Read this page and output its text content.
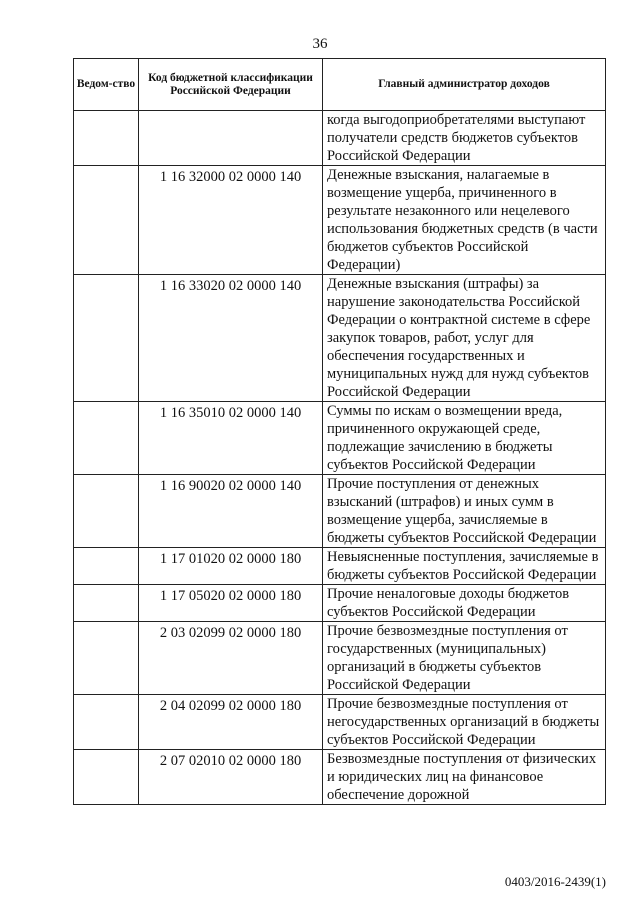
36
Ведом-ство	Код бюджетной классификации Российской Федерации	Главный администратор доходов
		когда выгодоприобретателями выступают получатели средств бюджетов субъектов Российской Федерации
	1 16 32000 02 0000 140	Денежные взыскания, налагаемые в возмещение ущерба, причиненного в результате незаконного или нецелевого использования бюджетных средств (в части бюджетов субъектов Российской Федерации)
	1 16 33020 02 0000 140	Денежные взыскания (штрафы) за нарушение законодательства Российской Федерации о контрактной системе в сфере закупок товаров, работ, услуг для обеспечения государственных и муниципальных нужд для нужд субъектов Российской Федерации
	1 16 35010 02 0000 140	Суммы по искам о возмещении вреда, причиненного окружающей среде, подлежащие зачислению в бюджеты субъектов Российской Федерации
	1 16 90020 02 0000 140	Прочие поступления от денежных взысканий (штрафов) и иных сумм в возмещение ущерба, зачисляемые в бюджеты субъектов Российской Федерации
	1 17 01020 02 0000 180	Невыясненные поступления, зачисляемые в бюджеты субъектов Российской Федерации
	1 17 05020 02 0000 180	Прочие неналоговые доходы бюджетов субъектов Российской Федерации
	2 03 02099 02 0000 180	Прочие безвозмездные поступления от государственных (муниципальных) организаций в бюджеты субъектов Российской Федерации
	2 04 02099 02 0000 180	Прочие безвозмездные поступления от негосударственных организаций в бюджеты субъектов Российской Федерации
	2 07 02010 02 0000 180	Безвозмездные поступления от физических и юридических лиц на финансовое обеспечение дорожной
0403/2016-2439(1)
